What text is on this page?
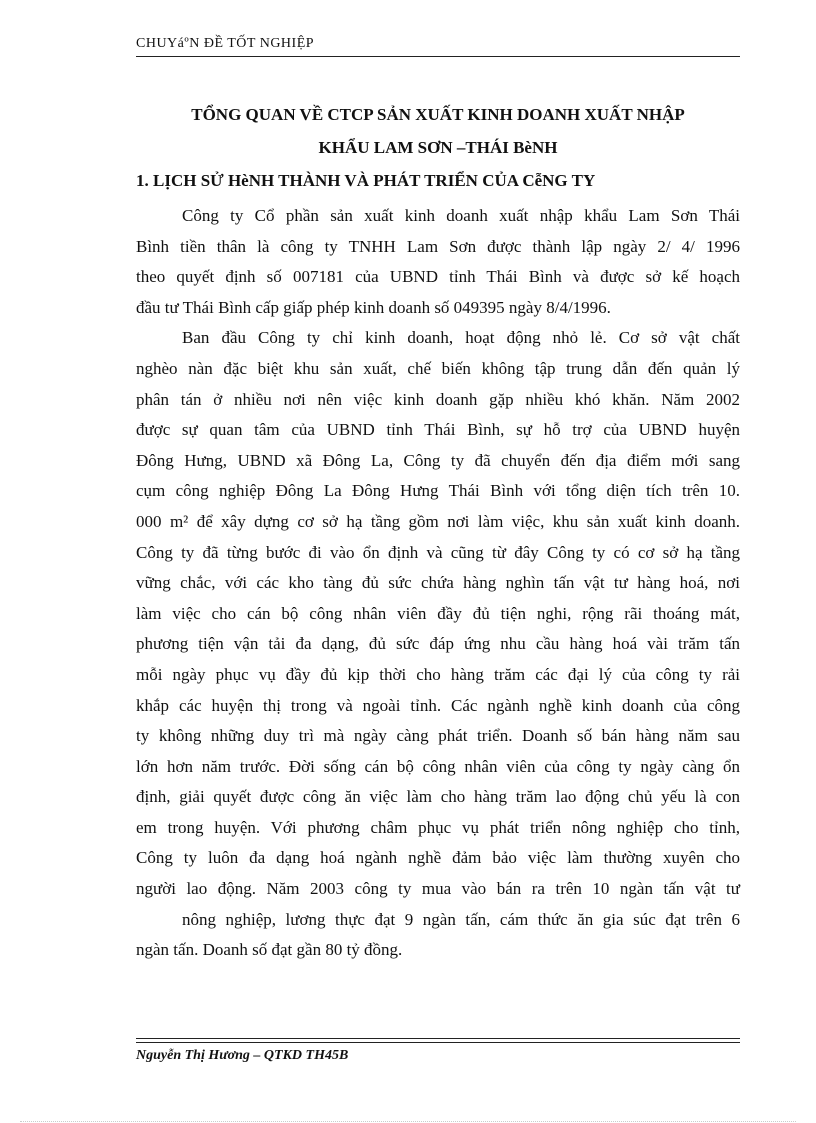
CHUYáºN ĐỀ TỐT NGHIỆP
TỔNG QUAN VỀ CTCP SẢN XUẤT KINH DOANH XUẤT NHẬP
KHẨU LAM SƠN –THÁI BèNH
1. LỊCH SỬ HèNH THÀNH VÀ PHÁT TRIỂN CỦA CễNG TY
Công ty Cổ phần sản xuất kinh doanh xuất nhập khẩu Lam Sơn Thái
Bình tiền thân là công ty TNHH Lam Sơn được thành lập ngày 2/ 4/ 1996
theo quyết định số 007181 của UBND tỉnh Thái Bình và được sở kế hoạch
đầu tư Thái Bình cấp giấp phép kinh doanh số 049395 ngày 8/4/1996.
Ban đầu Công ty chỉ kinh doanh, hoạt động nhỏ lẻ. Cơ sở vật chất
nghèo nàn đặc biệt khu sản xuất, chế biến không tập trung dẫn đến quản lý
phân tán ở nhiều nơi nên việc kinh doanh gặp nhiều khó khăn. Năm 2002
được sự quan tâm của UBND tỉnh Thái Bình, sự hỗ trợ của UBND huyện
Đông Hưng, UBND xã Đông La, Công ty đã chuyển đến địa điểm mới sang
cụm công nghiệp Đông La Đông Hưng Thái Bình với tổng diện tích trên 10.
000 m² để xây dựng cơ sở hạ tầng gồm nơi làm việc, khu sản xuất kinh doanh.
Công ty đã từng bước đi vào ổn định và cũng từ đây Công ty có cơ sở hạ tầng
vững chắc, với các kho tàng đủ sức chứa hàng nghìn tấn vật tư hàng hoá, nơi
làm việc cho cán bộ công nhân viên đầy đủ tiện nghi, rộng rãi thoáng mát,
phương tiện vận tải đa dạng, đủ sức đáp ứng nhu cầu hàng hoá vài trăm tấn
mỗi ngày phục vụ đầy đủ kịp thời cho hàng trăm các đại lý của công ty rải
khắp các huyện thị trong và ngoài tỉnh. Các ngành nghề kinh doanh của công
ty không những duy trì mà ngày càng phát triển. Doanh số bán hàng năm sau
lớn hơn năm trước. Đời sống cán bộ công nhân viên của công ty ngày càng ổn
định, giải quyết được công ăn việc làm cho hàng trăm lao động chủ yếu là con
em trong huyện. Với phương châm phục vụ phát triển nông nghiệp cho tỉnh,
Công ty luôn đa dạng hoá ngành nghề đảm bảo việc làm thường xuyên cho
người lao động. Năm 2003 công ty mua vào bán ra trên 10 ngàn tấn vật tư
nông nghiệp, lương thực đạt 9 ngàn tấn, cám thức ăn gia súc đạt trên 6
ngàn tấn. Doanh số đạt gần 80 tỷ đồng.
Nguyễn Thị Hương – QTKD TH45B
